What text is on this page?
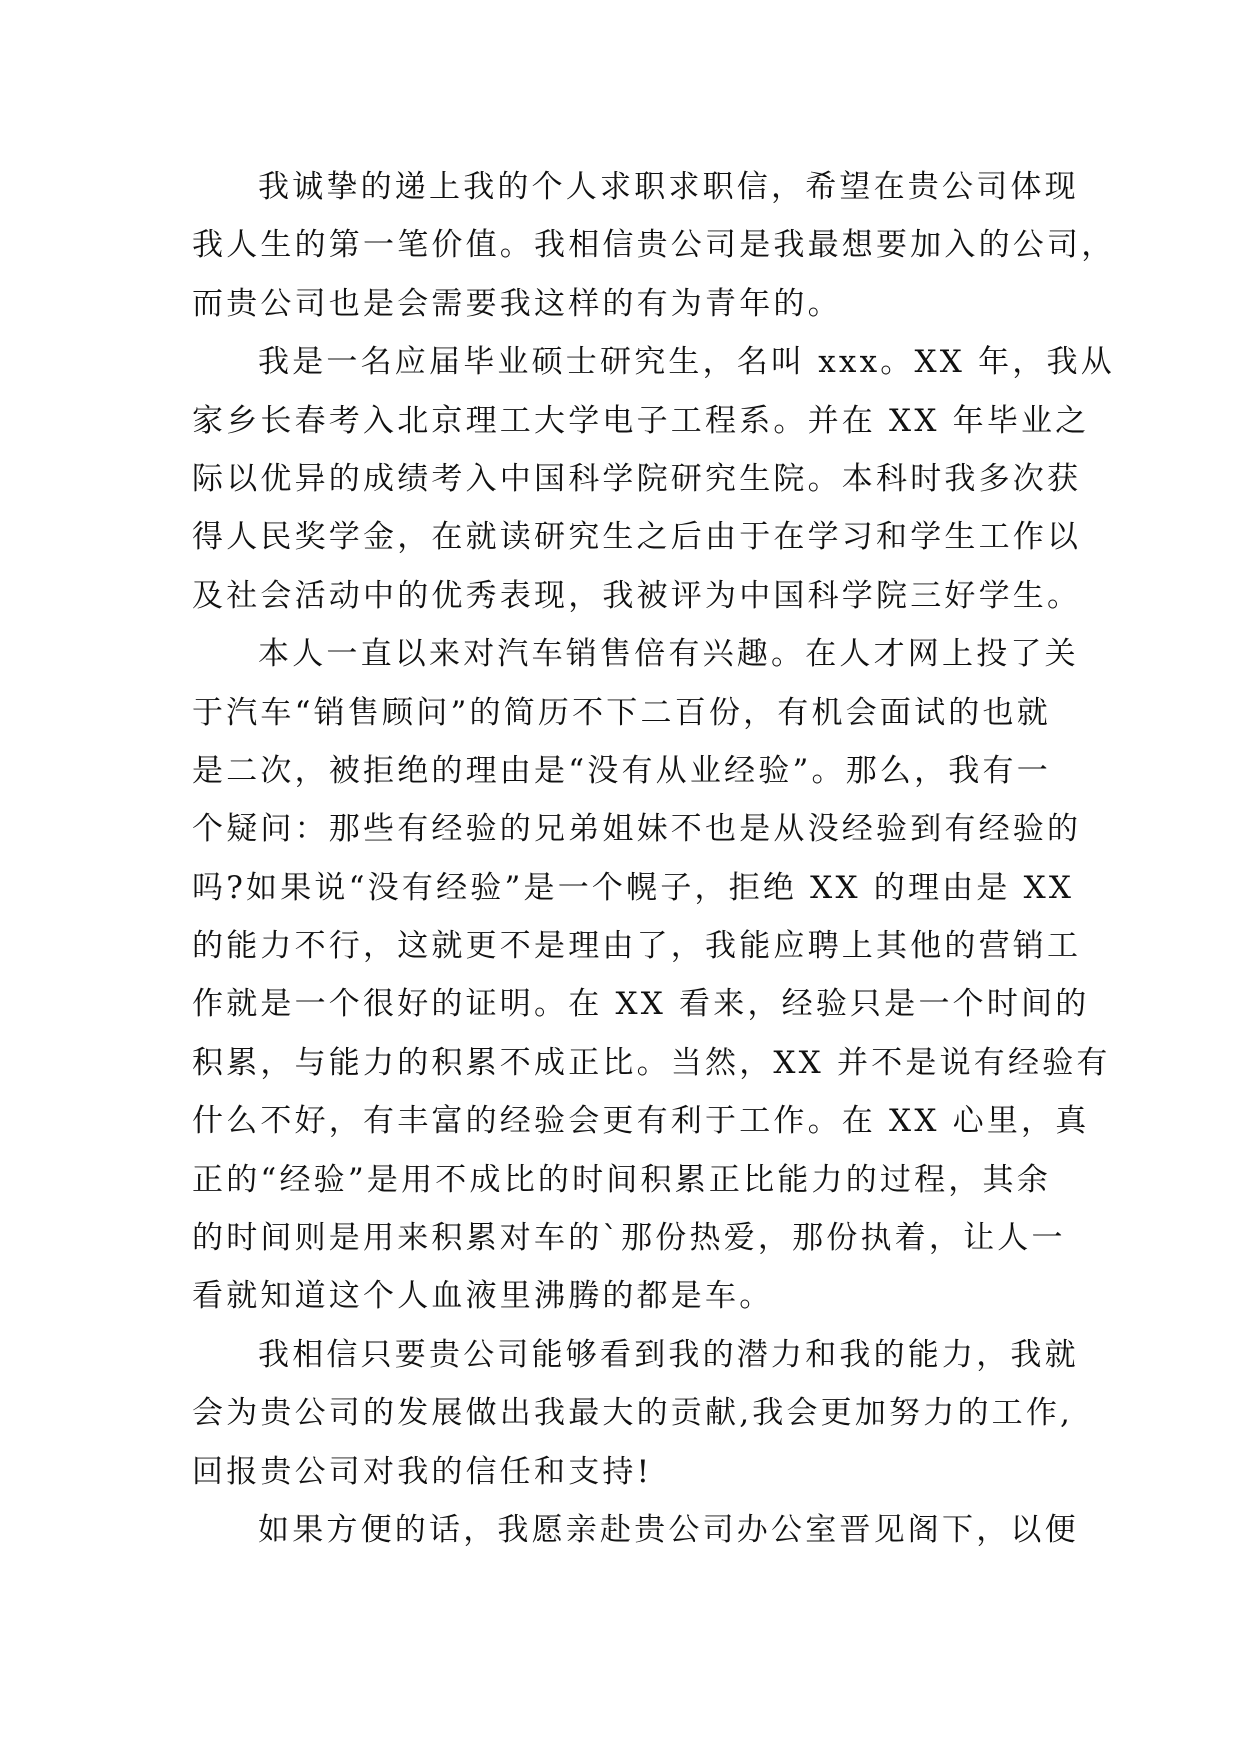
我诚挚的递上我的个人求职求职信，希望在贵公司体现
我人生的第一笔价值。我相信贵公司是我最想要加入的公司，
而贵公司也是会需要我这样的有为青年的。
我是一名应届毕业硕士研究生，名叫 xxx。XX 年，我从
家乡长春考入北京理工大学电子工程系。并在 XX 年毕业之
际以优异的成绩考入中国科学院研究生院。本科时我多次获
得人民奖学金，在就读研究生之后由于在学习和学生工作以
及社会活动中的优秀表现，我被评为中国科学院三好学生。
本人一直以来对汽车销售倍有兴趣。在人才网上投了关
于汽车“销售顾问”的简历不下二百份，有机会面试的也就
是二次，被拒绝的理由是“没有从业经验”。那么，我有一
个疑问：那些有经验的兄弟姐妹不也是从没经验到有经验的
吗?如果说“没有经验”是一个幌子，拒绝 XX 的理由是 XX
的能力不行，这就更不是理由了，我能应聘上其他的营销工
作就是一个很好的证明。在 XX 看来，经验只是一个时间的
积累，与能力的积累不成正比。当然，XX 并不是说有经验有
什么不好，有丰富的经验会更有利于工作。在 XX 心里，真
正的“经验”是用不成比的时间积累正比能力的过程，其余
的时间则是用来积累对车的`那份热爱，那份执着，让人一
看就知道这个人血液里沸腾的都是车。
我相信只要贵公司能够看到我的潜力和我的能力，我就
会为贵公司的发展做出我最大的贡献,我会更加努力的工作,
回报贵公司对我的信任和支持!
如果方便的话，我愿亲赴贵公司办公室晋见阁下，以便
